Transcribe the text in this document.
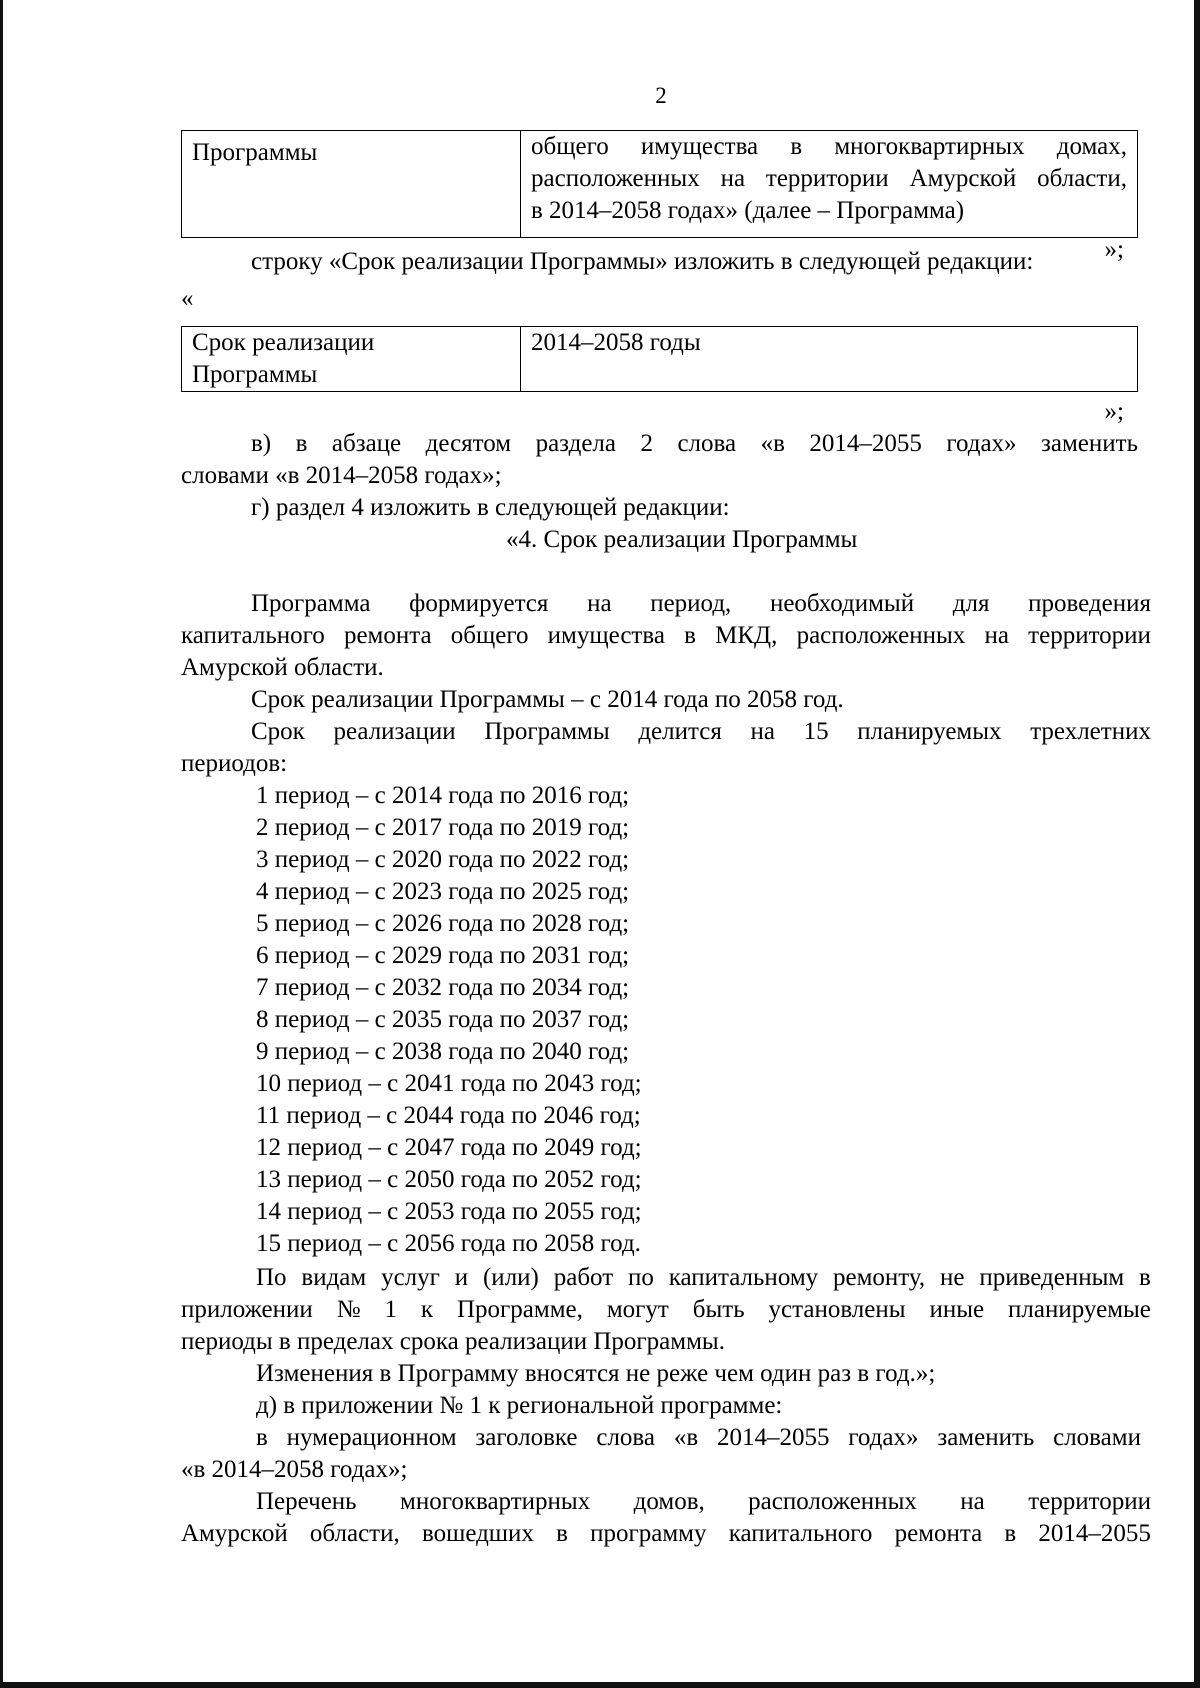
2
Программы	общего имущества в многоквартирных домах,
расположенных на территории Амурской области,
в 2014–2058 годах» (далее – Программа)
»;
строку «Срок реализации Программы» изложить в следующей редакции:
«
Срок реализации
Программы
	2014–2058 годы
»;
в) в абзаце десятом раздела 2 слова «в 2014–2055 годах» заменить
словами «в 2014–2058 годах»;
г) раздел 4 изложить в следующей редакции:
«4. Срок реализации Программы
Программа формируется на период, необходимый для проведения
капитального ремонта общего имущества в МКД, расположенных на территории
Амурской области.
Срок реализации Программы – с 2014 года по 2058 год.
Срок реализации Программы делится на 15 планируемых трехлетних
периодов:
1 период – с 2014 года по 2016 год;
2 период – с 2017 года по 2019 год;
3 период – с 2020 года по 2022 год;
4 период – с 2023 года по 2025 год;
5 период – с 2026 года по 2028 год;
6 период – с 2029 года по 2031 год;
7 период – с 2032 года по 2034 год;
8 период – с 2035 года по 2037 год;
9 период – с 2038 года по 2040 год;
10 период – с 2041 года по 2043 год;
11 период – с 2044 года по 2046 год;
12 период – с 2047 года по 2049 год;
13 период – с 2050 года по 2052 год;
14 период – с 2053 года по 2055 год;
15 период – с 2056 года по 2058 год.
По видам услуг и (или) работ по капитальному ремонту, не приведенным в
приложении № 1 к Программе, могут быть установлены иные планируемые
периоды в пределах срока реализации Программы.
Изменения в Программу вносятся не реже чем один раз в год.»;
д) в приложении № 1 к региональной программе:
в нумерационном заголовке слова «в 2014–2055 годах» заменить словами
«в 2014–2058 годах»;
Перечень многоквартирных домов, расположенных на территории
Амурской области, вошедших в программу капитального ремонта в 2014–2055
